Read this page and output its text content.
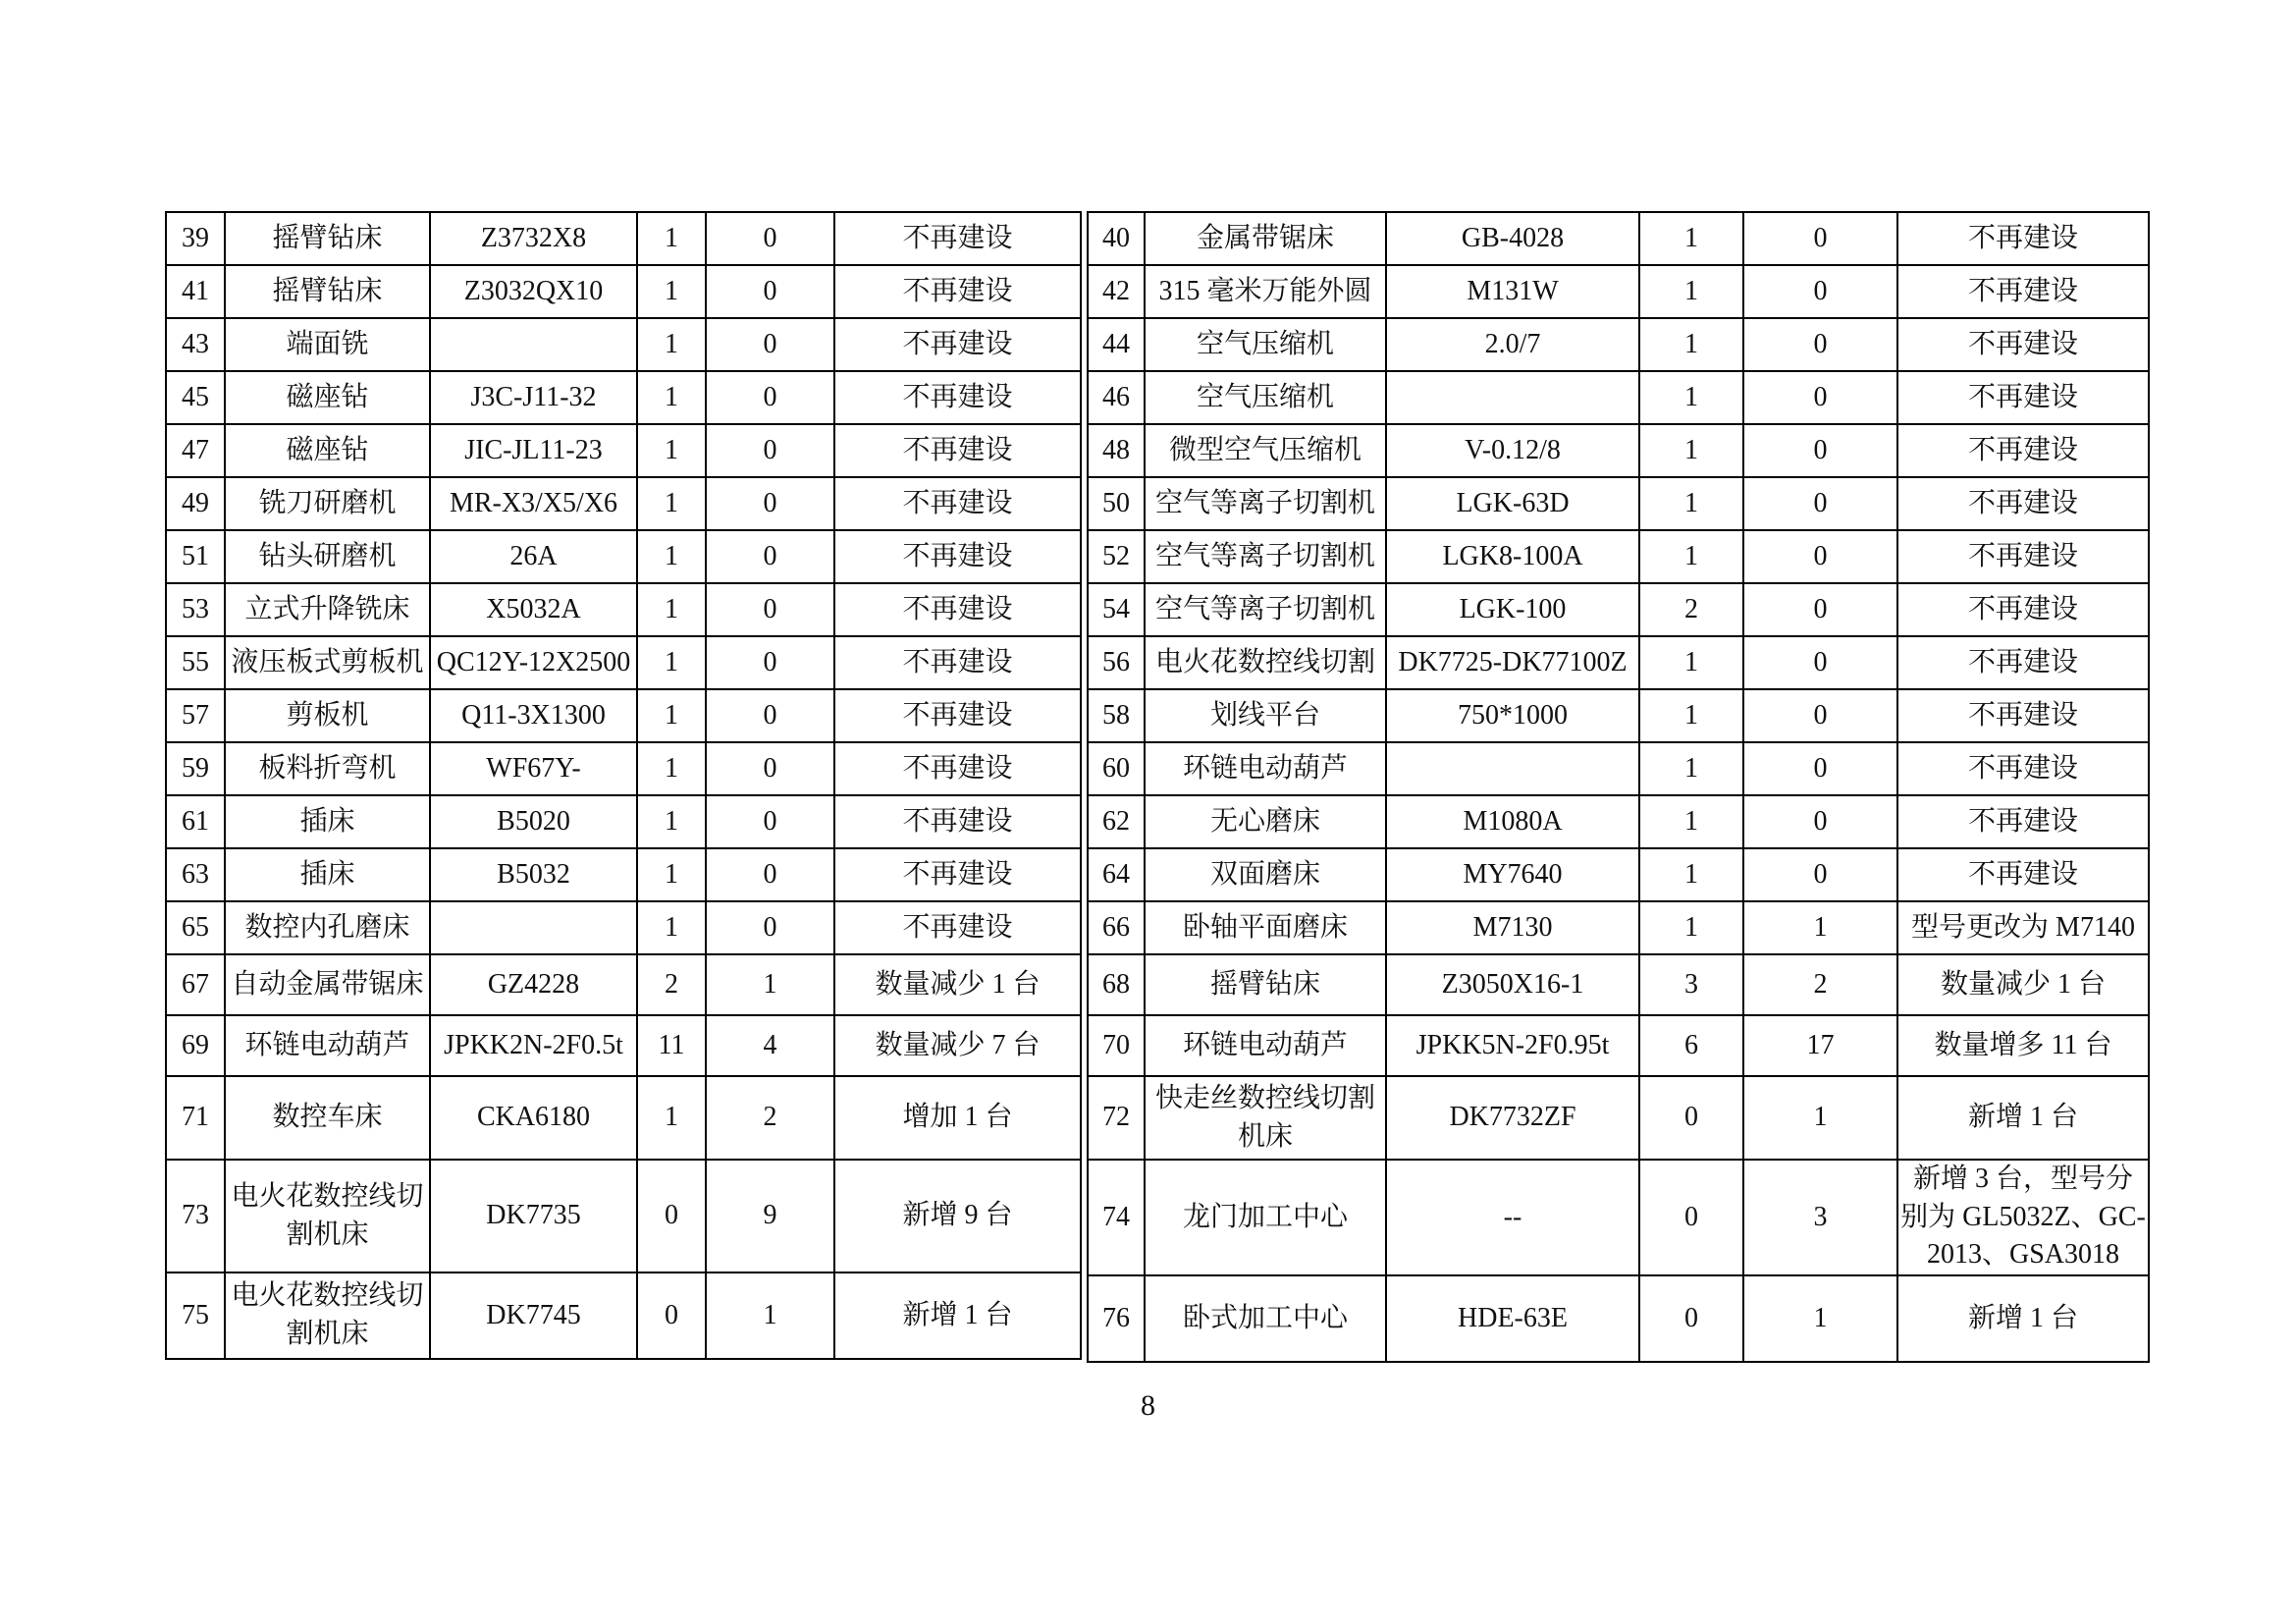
39	摇臂钻床	Z3732X8	1	0	不再建设
41	摇臂钻床	Z3032QX10	1	0	不再建设
43	端面铣		1	0	不再建设
45	磁座钻	J3C-J11-32	1	0	不再建设
47	磁座钻	JIC-JL11-23	1	0	不再建设
49	铣刀研磨机	MR-X3/X5/X6	1	0	不再建设
51	钻头研磨机	26A	1	0	不再建设
53	立式升降铣床	X5032A	1	0	不再建设
55	液压板式剪板机	QC12Y-12X2500	1	0	不再建设
57	剪板机	Q11-3X1300	1	0	不再建设
59	板料折弯机	WF67Y-	1	0	不再建设
61	插床	B5020	1	0	不再建设
63	插床	B5032	1	0	不再建设
65	数控内孔磨床		1	0	不再建设
67	自动金属带锯床	GZ4228	2	1	数量减少 1 台
69	环链电动葫芦	JPKK2N-2F0.5t	11	4	数量减少 7 台
71	数控车床	CKA6180	1	2	增加 1 台
73	电火花数控线切割机床	DK7735	0	9	新增 9 台
75	电火花数控线切割机床	DK7745	0	1	新增 1 台
40	金属带锯床	GB-4028	1	0	不再建设
42	315 毫米万能外圆	M131W	1	0	不再建设
44	空气压缩机	2.0/7	1	0	不再建设
46	空气压缩机		1	0	不再建设
48	微型空气压缩机	V-0.12/8	1	0	不再建设
50	空气等离子切割机	LGK-63D	1	0	不再建设
52	空气等离子切割机	LGK8-100A	1	0	不再建设
54	空气等离子切割机	LGK-100	2	0	不再建设
56	电火花数控线切割	DK7725-DK77100Z	1	0	不再建设
58	划线平台	750*1000	1	0	不再建设
60	环链电动葫芦		1	0	不再建设
62	无心磨床	M1080A	1	0	不再建设
64	双面磨床	MY7640	1	0	不再建设
66	卧轴平面磨床	M7130	1	1	型号更改为 M7140
68	摇臂钻床	Z3050X16-1	3	2	数量减少 1 台
70	环链电动葫芦	JPKK5N-2F0.95t	6	17	数量增多 11 台
72	快走丝数控线切割机床	DK7732ZF	0	1	新增 1 台
74	龙门加工中心	--	0	3	新增 3 台，型号分别为 GL5032Z、GC-2013、GSA3018
76	卧式加工中心	HDE-63E	0	1	新增 1 台
8
